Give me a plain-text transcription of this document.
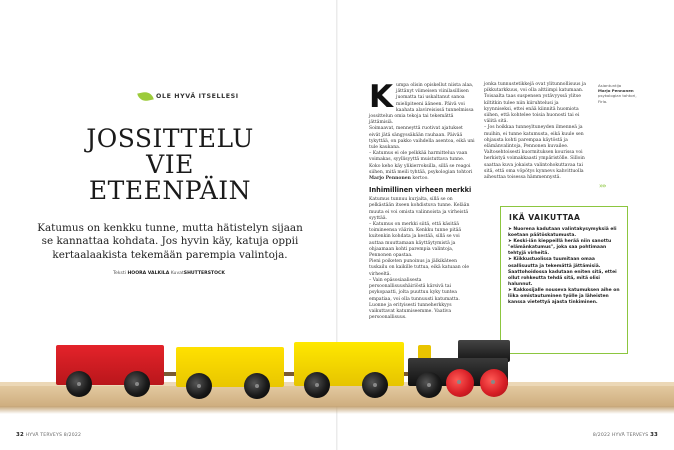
OLE HYVÄ ITSELLESI
JOSSITTELU
VIE
ETEENPÄIN
Katumus on kenkku tunne, mutta hätistelyn sijaan se kannattaa kohdata. Jos hyvin käy, katuja oppii kertaalaakista tekemään parempia valintoja.
Teksti HOORA VALKILA KuvatSHUTTERSTOCK
K umpa olisin opiskellut niista alaa, jättänyt viimeisen viinilasillisen juomatta tai uskaltanut sanoa mielipiteeni ääneen. Päivä voi kaahata alavireisissä tunnelmissa jossittelun omia tekoja tai tekemättä jättämisiä.

Soimaavat, menneyttä ruotivat ajatukset eivät jätä sängyssäkään rauhaan. Päivää tykyttää, on pakko vaihdella asentoa, eikä uni tule kaukana.

– Katumus ei ole pelkkää harmittelua vaan voimakas, syyllisyyttä muistuttava tunne. Koko keho käy ylikierroksilla, sillä se reagoi siihen, mitä meili tyhtää, psykologian tohtori Marjo Pennonen kertoo.

Inhimillinen virheen merkki

Katumus tunnuu kurjalta, sillä se on pelkästään itseen kohdistuva tunne. Kelään muuta ei voi omista valinnoista ja virheistä syyttää.

– Katumus on merkki siitä, että käsitää toimineensa väärin. Kenkku tunne pitää kuitenkin kohdata ja kestää, sillä se voi auttaa muuttamaan käyttäytymistä ja ohjaamaan kohti parempia valintoja, Pennonen opastaa.

Pieni poiketen punoinus ja jälkikäteen tuskailu on kaikille tuttua, eikä katuaan ole virheeltä.

– Vain epäsosiaalisesta persoonallisuushäiriöstä kärsivä tai psykopaatti, jolta puuttuu kyky tuntea empatiaa, voi olla tunnuusti katumatta.

Luonne ja erityisesti tunneherkkyys vaikuttavat katumiseemme. Vaativa persoonallisuus.

jonka tunnustetikkejä ovat ylitunnollisuus ja pikkutarkkuus, voi olla alttiimpi katumaan.

Toisaalta taas suspensen ystävyyssä ylitse kiltitkin tulee niin kiiruhtelusi ja kyynniseksi, ettei enää kiinnitä huomiota siihen, että kohtelee toisia huonosti tai ei välitä sitä.

– Jos hoikkaa tunneyltuneyden ilmenneä ja muihin, ei tunne katumusta, eikä kuule sen ohjausta kohti parempaa käytöstä ja elämänvalintoja, Pennonen kuvailee.

Valtosehtoisesti kuormituksen kourissa voi herkistyä voimakkaasti ympäristölle. Silloin saattaa kuva jokaista valintohokuttavaa tai sitä, että oma vöpötys kynnevs kahvittuolla aiheuttaa toisessa hämmennystä.

Asiantuntija
Marjo Pennonen
psykologian tohtori, Firla.
»»
IKÄ VAIKUTTAA
➤ Nuorena kadutaan valintakysymyksiä eli koetaan päätöskatumusta.
➤ Keski-iän kieppeillä herää niin sanottu "elämänkatumus", joka saa pohtimaan tehtyjä virheitä.
➤ Kiikkustuolissa tuumitaan omaa osallisuutta ja tekemättä jättämisiä. Saattohoidossa kadutaan eniten sitä, ettei ollut rohkeutta tehdä sitä, mitä olisi halunnut.
➤ Kakkosijalle nouseva katumuksen aihe on liika omistautuminen työlle ja läheisten kanssa vietettyä ajasta tinkiminen.
32 HYVÄ TERVEYS 8/2022	8/2022 HYVÄ TERVEYS 33
